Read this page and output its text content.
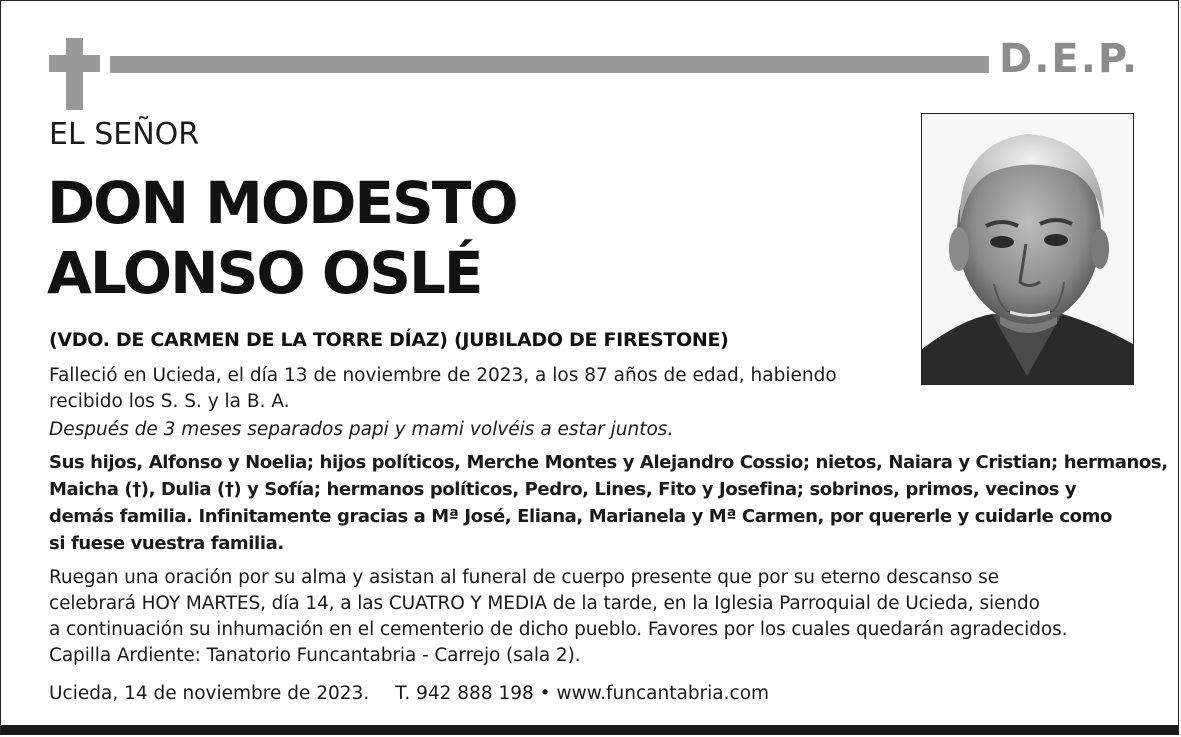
D.E.P.
EL SEÑOR
DON MODESTO
ALONSO OSLÉ
(VDO. DE CARMEN DE LA TORRE DÍAZ) (JUBILADO DE FIRESTONE)
Falleció en Ucieda, el día 13 de noviembre de 2023, a los 87 años de edad, habiendo
recibido los S. S. y la B. A.
Después de 3 meses separados papi y mami volvéis a estar juntos.
Sus hijos, Alfonso y Noelia; hijos políticos, Merche Montes y Alejandro Cossio; nietos, Naiara y Cristian; hermanos,
Maicha (†), Dulia (†) y Sofía; hermanos políticos, Pedro, Lines, Fito y Josefina; sobrinos, primos, vecinos y
demás familia. Infinitamente gracias a Mª José, Eliana, Marianela y Mª Carmen, por quererle y cuidarle como
si fuese vuestra familia.
Ruegan una oración por su alma y asistan al funeral de cuerpo presente que por su eterno descanso se
celebrará HOY MARTES, día 14, a las CUATRO Y MEDIA de la tarde, en la Iglesia Parroquial de Ucieda, siendo
a continuación su inhumación en el cementerio de dicho pueblo. Favores por los cuales quedarán agradecidos.
Capilla Ardiente: Tanatorio Funcantabria - Carrejo (sala 2).
Ucieda, 14 de noviembre de 2023. T. 942 888 198 • www.funcantabria.com
